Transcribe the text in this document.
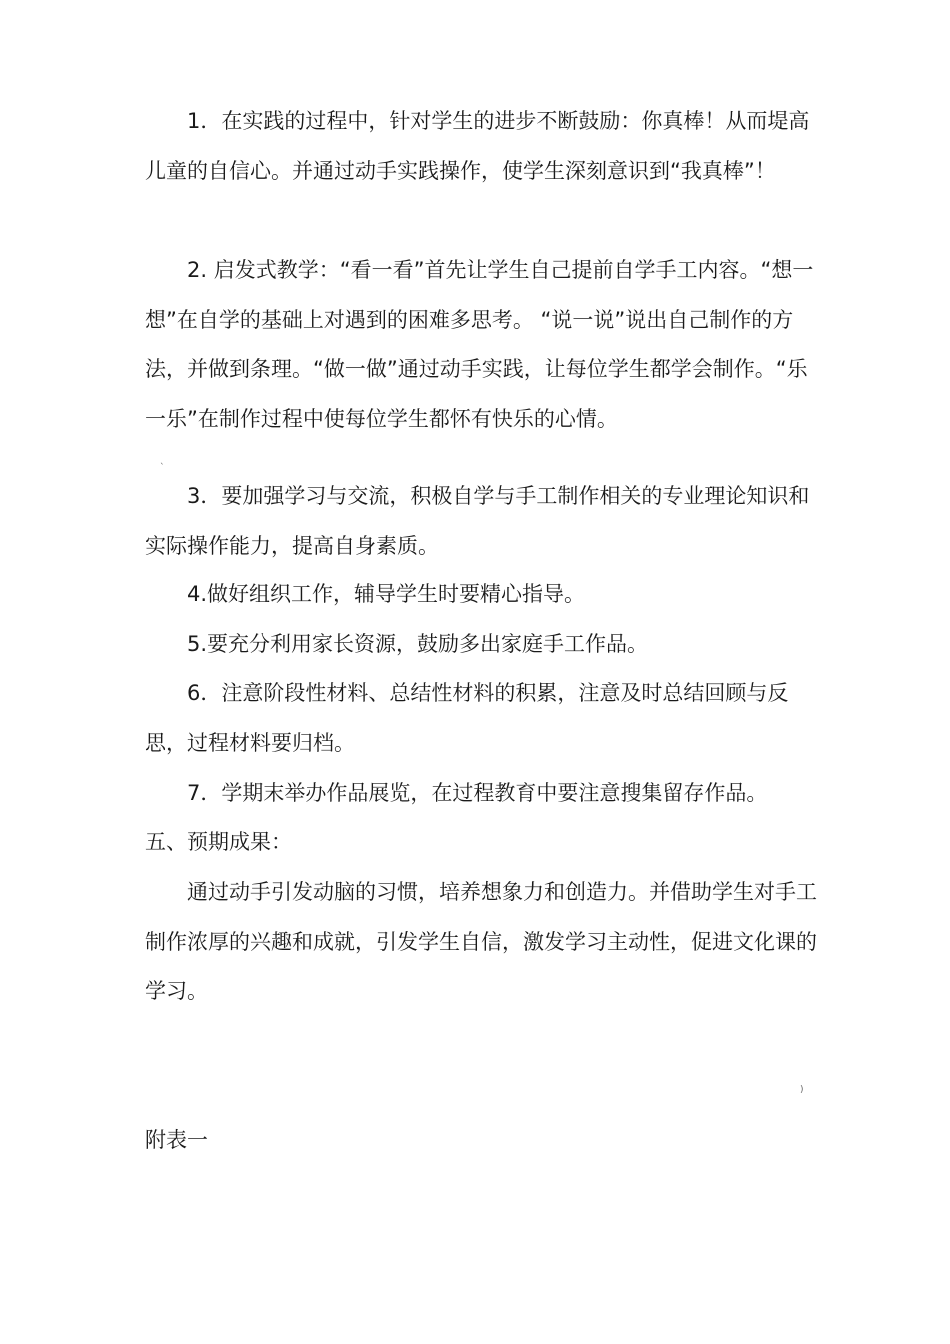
1．在实践的过程中，针对学生的进步不断鼓励：你真棒！从而堤高儿童的自信心。并通过动手实践操作，使学生深刻意识到“我真棒”！

2. 启发式教学：“看一看”首先让学生自己提前自学手工内容。“想一想”在自学的基础上对遇到的困难多思考。 “说一说”说出自己制作的方法，并做到条理。“做一做”通过动手实践，让每位学生都学会制作。“乐一乐”在制作过程中使每位学生都怀有快乐的心情。

`

3．要加强学习与交流，积极自学与手工制作相关的专业理论知识和实际操作能力，提高自身素质。

4.做好组织工作，辅导学生时要精心指导。

5.要充分利用家长资源，鼓励多出家庭手工作品。

6．注意阶段性材料、总结性材料的积累，注意及时总结回顾与反思，过程材料要归档。

7．学期末举办作品展览，在过程教育中要注意搜集留存作品。

五、预期成果：

通过动手引发动脑的习惯，培养想象力和创造力。并借助学生对手工制作浓厚的兴趣和成就，引发学生自信，激发学习主动性，促进文化课的学习。

)

附表一
